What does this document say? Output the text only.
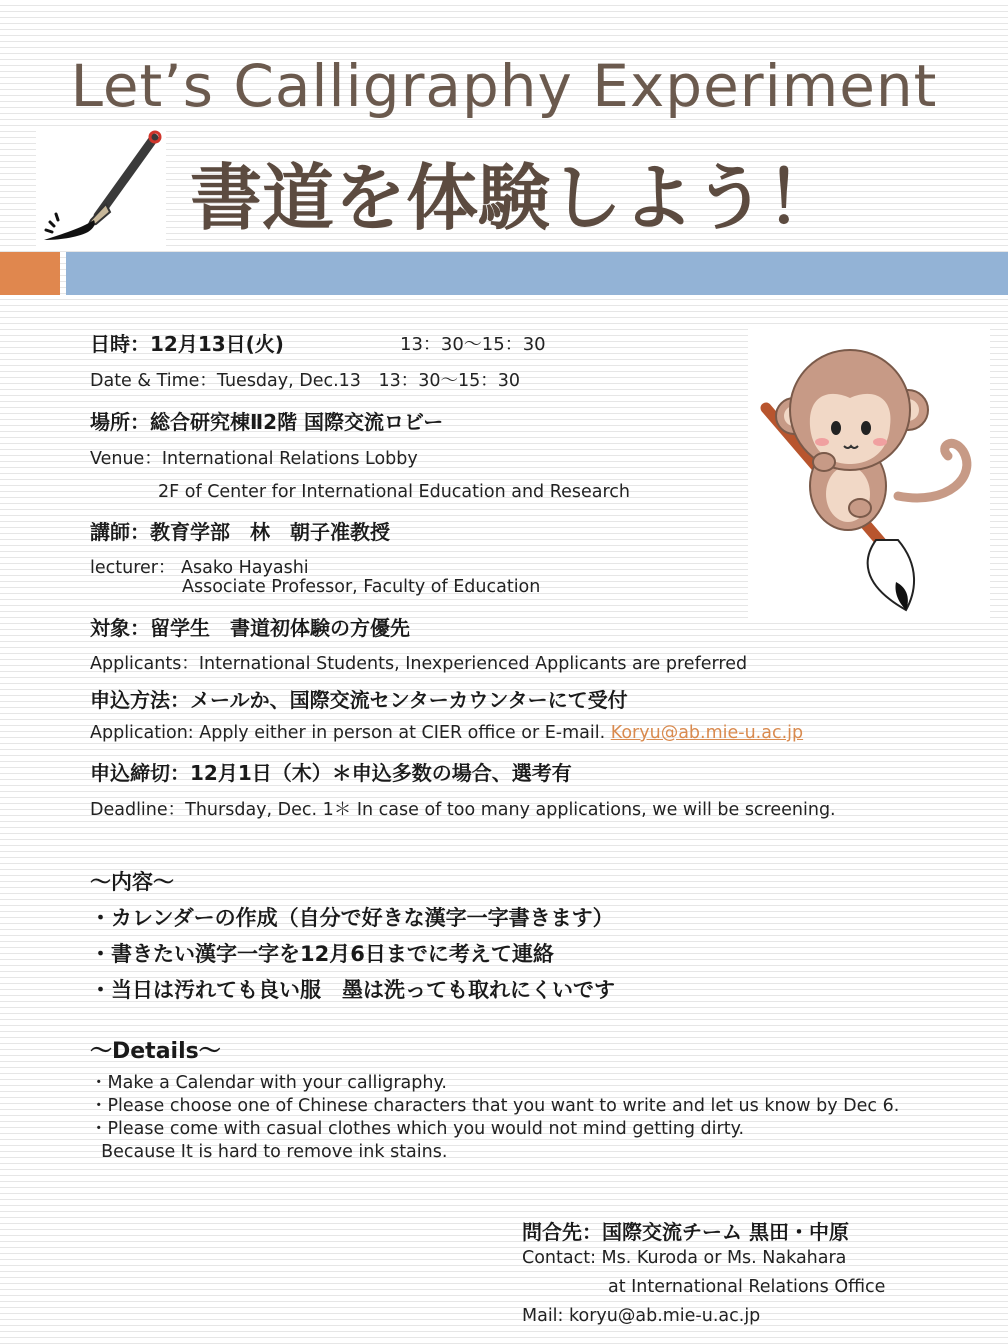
Let’s Calligraphy Experiment
書道を体験しよう！
日時：12月13日(火)	13：30～15：30
Date & Time：Tuesday, Dec.13　13：30～15：30
場所：総合研究棟Ⅱ2階 国際交流ロビー
Venue：International Relations Lobby
2F of Center for International Education and Research
講師：教育学部　林　朝子准教授
lecturer： Asako Hayashi
Associate Professor, Faculty of Education
対象：留学生　書道初体験の方優先
Applicants：International Students, Inexperienced Applicants are preferred
申込方法：メールか、国際交流センターカウンターにて受付
Application: Apply either in person at CIER office or E-mail. Koryu@ab.mie-u.ac.jp
申込締切：12月1日（木）＊申込多数の場合、選考有
Deadline：Thursday, Dec. 1＊ In case of too many applications, we will be screening.
～内容～
・カレンダーの作成（自分で好きな漢字一字書きます）
・書きたい漢字一字を12月6日までに考えて連絡
・当日は汚れても良い服　墨は洗っても取れにくいです
～Details～
・Make a Calendar with your calligraphy.
・Please choose one of Chinese characters that you want to write and let us know by Dec 6.
・Please come with casual clothes which you would not mind getting dirty.
Because It is hard to remove ink stains.
問合先：国際交流チーム 黒田・中原
Contact: Ms. Kuroda or Ms. Nakahara
at International Relations Office
Mail: koryu@ab.mie-u.ac.jp
